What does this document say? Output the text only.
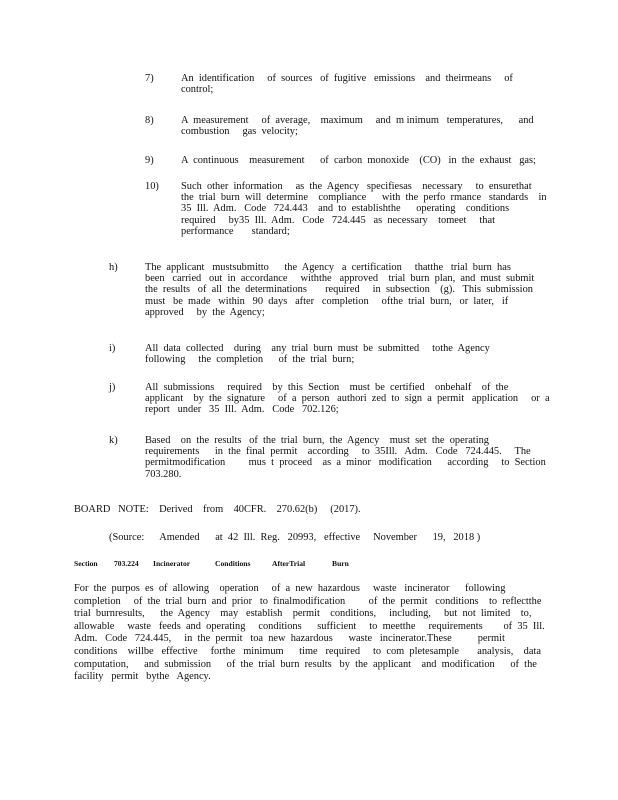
7)	An  identification     of  sources   of  fugitive   emissions    and  theirmeans     of
control;
8)	A  measurement     of  average,    maximum     and  m inimum   temperatures,      and
combustion     gas  velocity;
9)	A  continuous    measurement      of  carbon  monoxide    (CO)   in  the  exhaust   gas;
10) Such  other  information     as  the  Agency   specifiesas    necessary     to  ensurethat
the  trial  burn  will  determine    compliance      with  the  perfo  rmance   standards    in
35  Ill.  Adm.   Code   724.443    and  to  establishthe      operating    conditions
required     by35  Ill.  Adm.   Code   724.445   as  necessary    tomeet     that
performance       standard;
h)	The  applicant   mustsubmitto      the  Agency   a  certification     thatthe   trial  burn  has
been   carried   out  in  accordance     withthe   approved    trial  burn  plan,  and  must  submit
the  results   of  all  the  determinations       required     in  subsection    (g).   This  submission
must   be  made   within   90  days   after   completion     ofthe  trial  burn,   or  later,   if
approved     by  the  Agency;
i)	All  data  collected    during    any  trial  burn  must  be  submitted     tothe  Agency
following     the  completion      of  the  trial  burn;
j)	All  submissions     required    by  this  Section    must  be  certified    onbehalf    of  the
applicant    by  the  signature     of  a  person   authori  zed  to  sign  a  permit   application     or  a
report   under   35  Ill.  Adm.   Code   702.126;
k)	Based    on  the  results   of  the  trial  burn,  the  Agency    must  set  the  operating
requirements      in  the  final  permit    according     to  35Ill.   Adm.   Code   724.445.     The
permitmodification         mus  t  proceed    as  a  minor   modification      according     to  Section
703.280.
BOARD   NOTE:    Derived    from    40CFR.    270.62(b)     (2017).
(Source:      Amended      at  42  Ill.  Reg.   20993,   effective     November      19,   2018 )
Section 703.224 Incinerator	Conditions	AfterTrial	Burn
For  the  purpos  es  of  allowing    operation     of  a  new  hazardous     waste   incinerator      following
completion     of  the  trial  burn  and  prior   to  finalmodification         of  the  permit   conditions    to  reflectthe
trial  burnresults,      the  Agency    may   establish    permit    conditions,     including,     but  not  limited    to,
allowable     waste   feeds  and  operating     conditions      sufficient     to  meetthe     requirements        of  35  Ill.
Adm.   Code   724.445,     in  the  permit   toa  new  hazardous      waste   incinerator.These          permit
conditions    willbe   effective     forthe   minimum      time   required     to  com  pletesample       analysis,    data
computation,      and  submission      of  the  trial  burn  results   by  the  applicant    and  modification      of  the
facility   permit   bythe   Agency.
